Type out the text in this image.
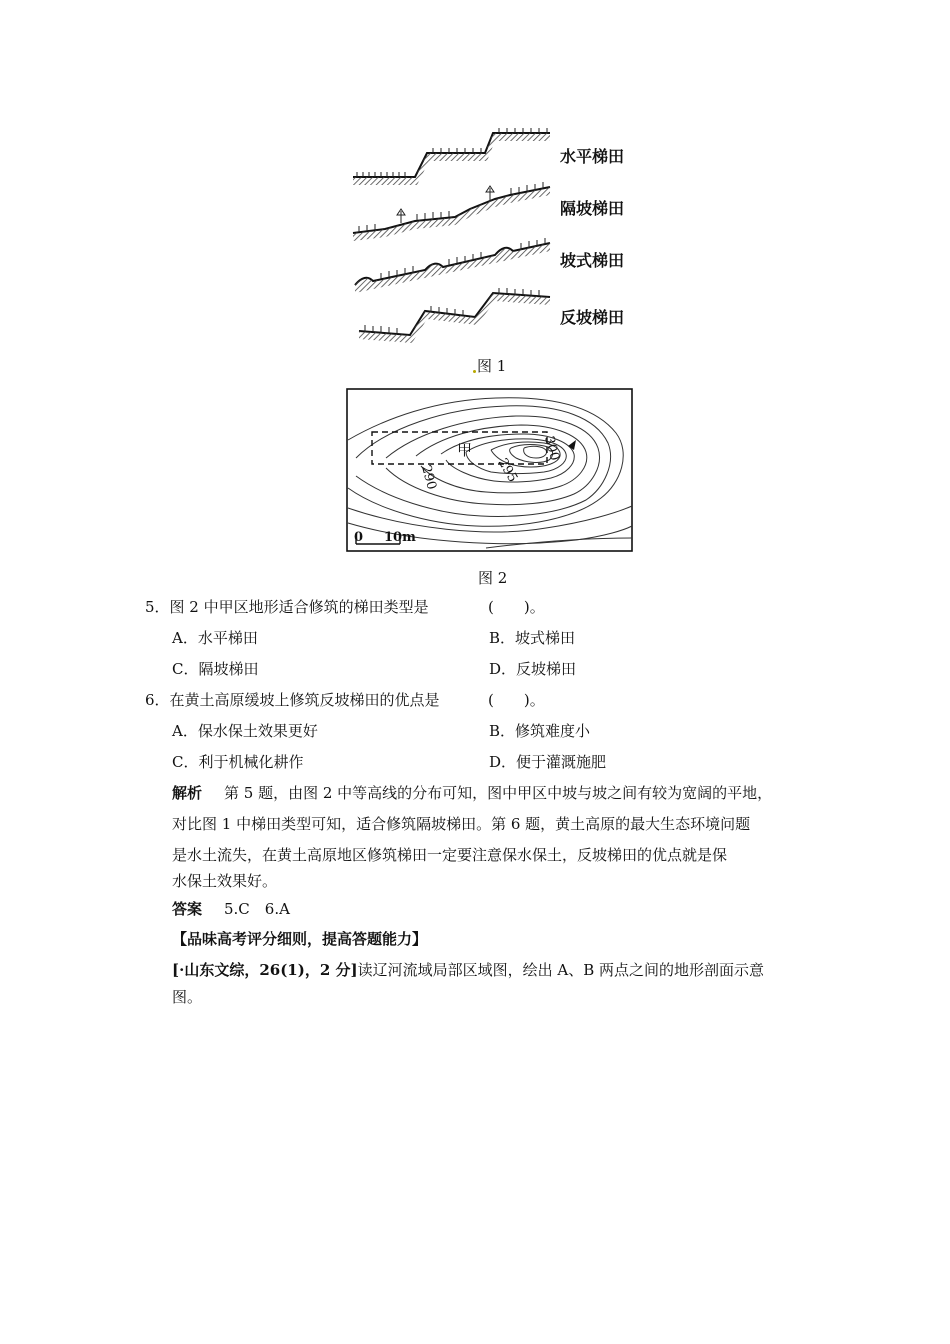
水平梯田
隔坡梯田
坡式梯田
反坡梯田
图 1
甲
290	295
300
0 10m
图 2
5．图 2 中甲区地形适合修筑的梯田类型是	(　　)。
A．水平梯田	B．坡式梯田
C．隔坡梯田	D．反坡梯田
6．在黄土高原缓坡上修筑反坡梯田的优点是	(　　)。
A．保水保土效果更好	B．修筑难度小
C．利于机械化耕作	D．便于灌溉施肥
解析 第 5 题，由图 2 中等高线的分布可知，图中甲区中坡与坡之间有较为宽阔的平地，
对比图 1 中梯田类型可知，适合修筑隔坡梯田。第 6 题，黄土高原的最大生态环境问题
是水土流失，在黄土高原地区修筑梯田一定要注意保水保土，反坡梯田的优点就是保
水保土效果好。
答案 5.C　6.A
【品味高考评分细则，提高答题能力】
[·山东文综，26(1)，2 分]读辽河流域局部区域图，绘出 A、B 两点之间的地形剖面示意
图。
